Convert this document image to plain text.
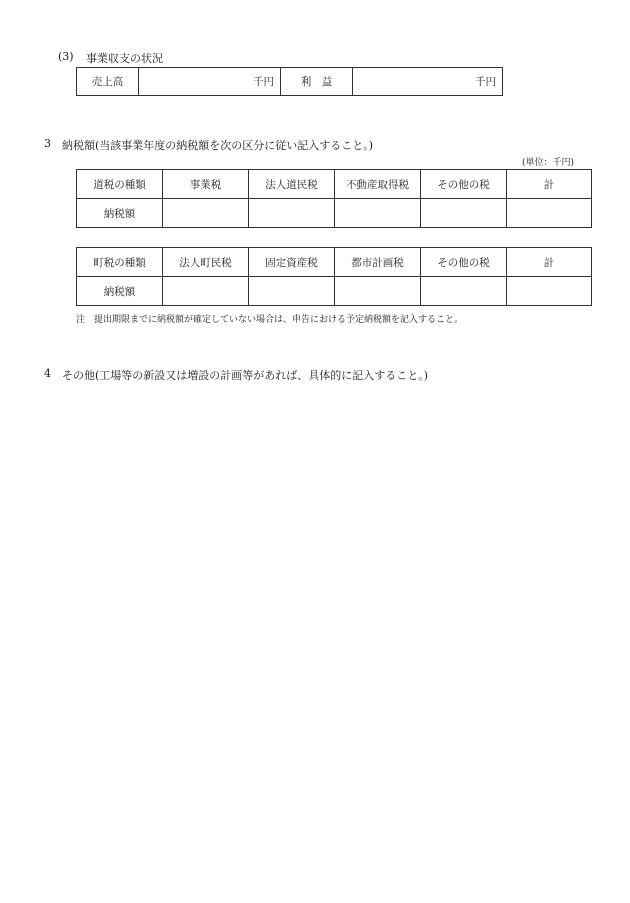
(3) 事業収支の状況
売上高	千円	利　益	千円
3 納税額(当該事業年度の納税額を次の区分に従い記入すること。)
(単位：千円)
道税の種類	事業税	法人道民税	不動産取得税	その他の税	計
納税額					
町税の種類	法人町民税	固定資産税	都市計画税	その他の税	計
納税額					
注　提出期限までに納税額が確定していない場合は、申告における予定納税額を記入すること。
4 その他(工場等の新設又は増設の計画等があれば、具体的に記入すること。)
